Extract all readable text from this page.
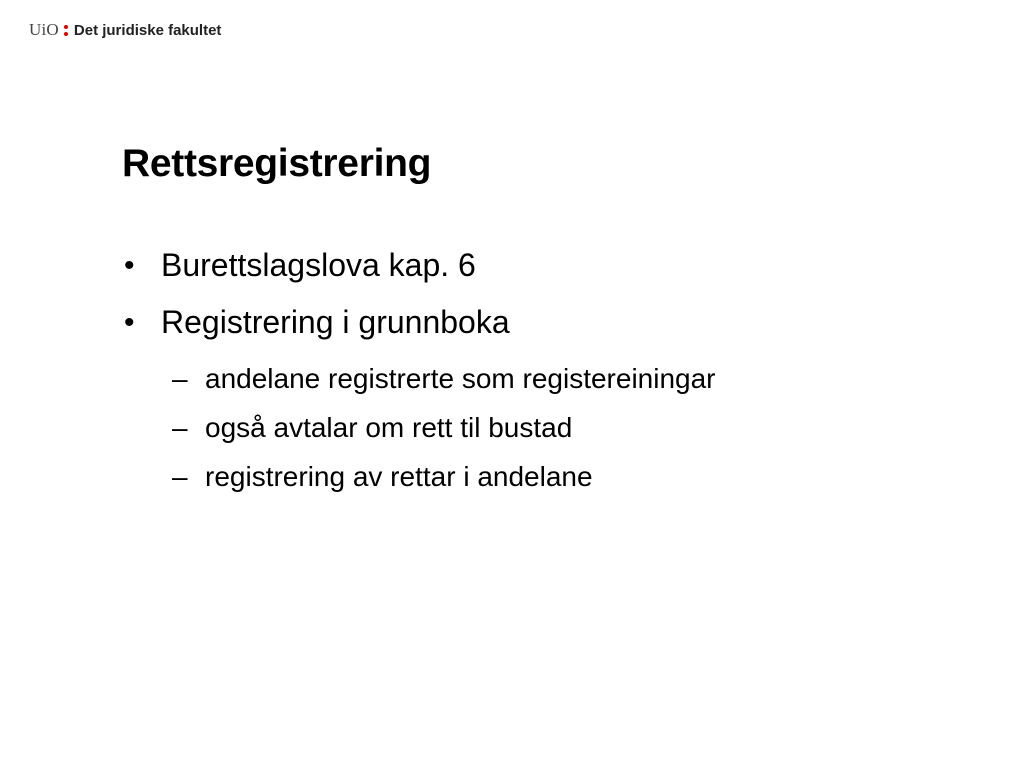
UiO Det juridiske fakultet
Rettsregistrering
• Burettslagslova kap. 6
• Registrering i grunnboka
– andelane registrerte som registereiningar
– også avtalar om rett til bustad
– registrering av rettar i andelane
